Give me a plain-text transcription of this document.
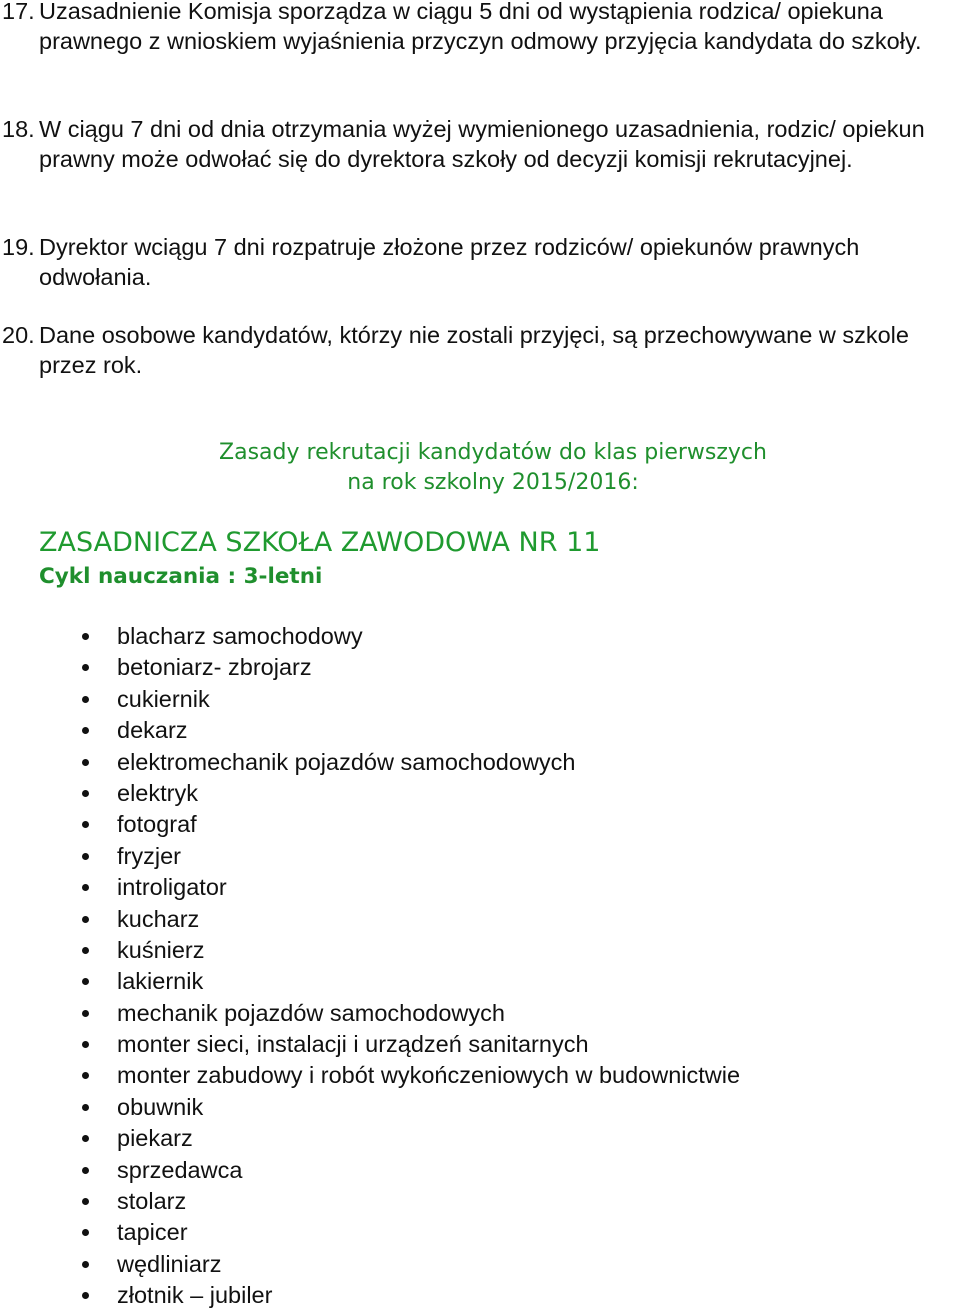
17. Uzasadnienie Komisja sporządza w ciągu 5 dni od wystąpienia rodzica/ opiekuna prawnego z wnioskiem wyjaśnienia przyczyn odmowy przyjęcia kandydata do szkoły.
18. W ciągu 7 dni od dnia otrzymania wyżej wymienionego uzasadnienia, rodzic/ opiekun prawny może odwołać się do dyrektora szkoły od decyzji komisji rekrutacyjnej.
19. Dyrektor wciągu 7 dni rozpatruje złożone przez rodziców/ opiekunów prawnych odwołania.
20. Dane osobowe kandydatów, którzy nie zostali przyjęci, są przechowywane w szkole przez rok.
Zasady rekrutacji kandydatów do klas pierwszych
na rok szkolny 2015/2016:
ZASADNICZA SZKOŁA ZAWODOWA NR 11
Cykl nauczania : 3-letni
blacharz samochodowy
betoniarz- zbrojarz
cukiernik
dekarz
elektromechanik pojazdów samochodowych
elektryk
fotograf
fryzjer
introligator
kucharz
kuśnierz
lakiernik
mechanik pojazdów samochodowych
monter sieci, instalacji i urządzeń sanitarnych
monter zabudowy i robót wykończeniowych w budownictwie
obuwnik
piekarz
sprzedawca
stolarz
tapicer
wędliniarz
złotnik – jubiler
